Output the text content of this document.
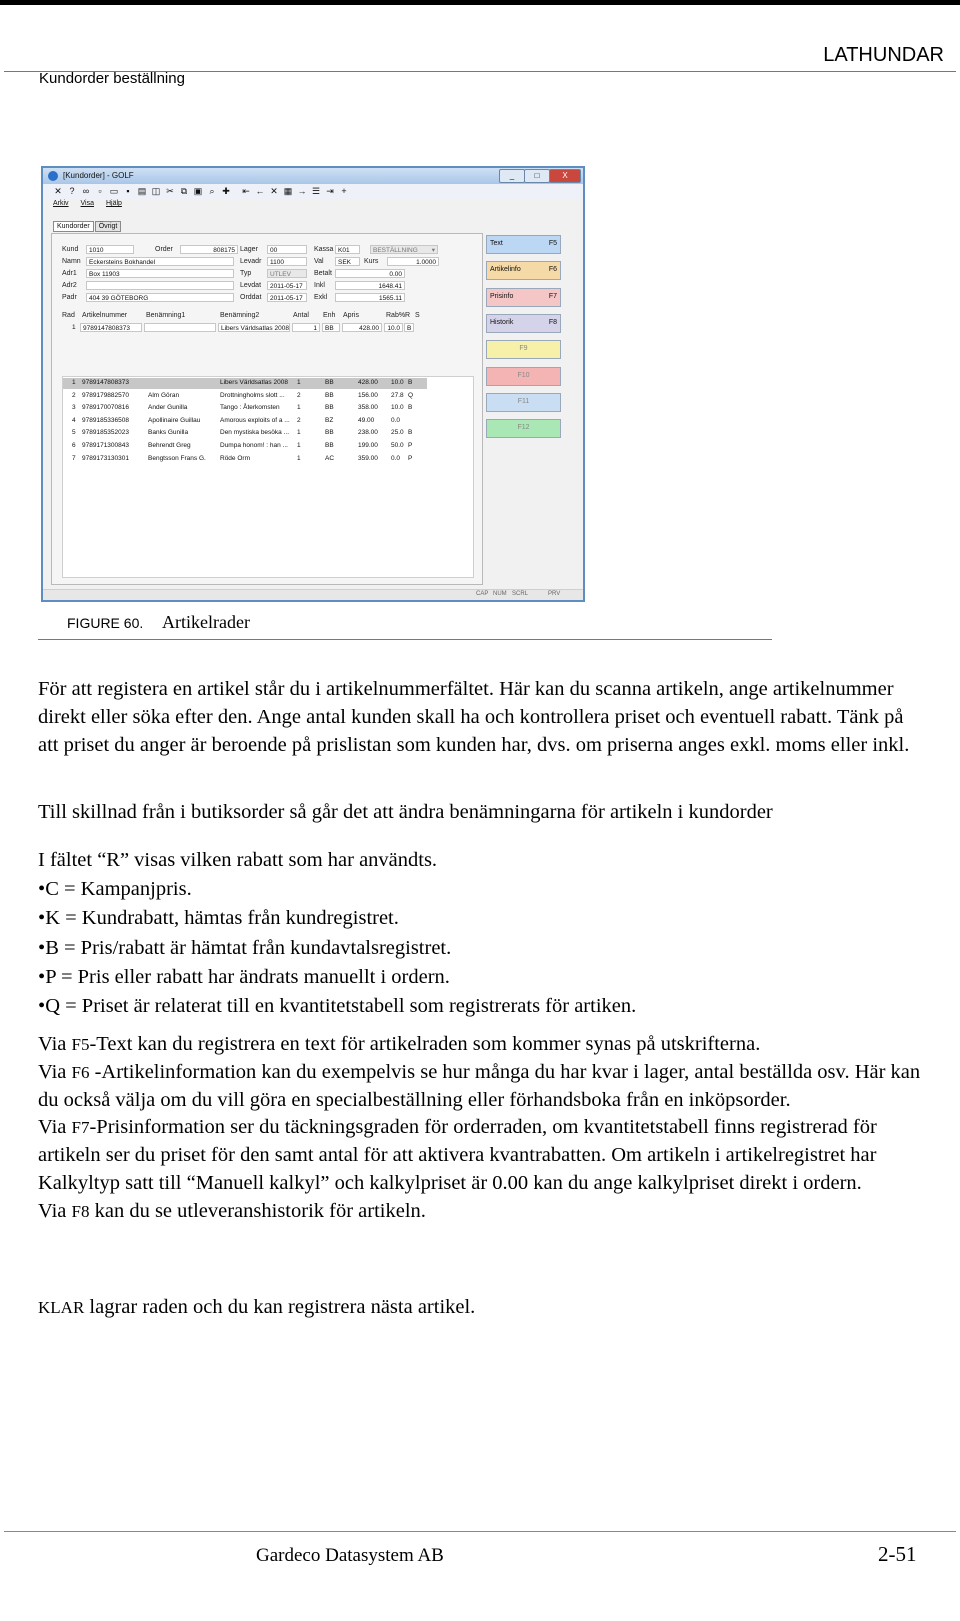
LATHUNDAR
Kundorder beställning
[Kundorder] - GOLF	_	□	X
✕ ? ∞	▫ ▭ ▪ ▤ ◫ ✂ ⧉ ▣ ⌕ ✚ ⇤ ← ✕ ▦ → ☰ ⇥ +
Arkiv Visa Hjälp
Kundorder Övrigt
Kund	1010	Order	808175 Lager	00	Kassa K01	BESTÄLLNING ▾
Namn	Eckersteins Bokhandel	Levadr	1100	Val	SEK	Kurs	1.0000
Adr1	Box 11903	Typ	UTLEV	Betalt	0.00
Adr2	Levdat	2011-05-17	Inkl	1648.41
Padr	404 39 GÖTEBORG	Orddat	2011-05-17	Exkl	1565.11
Rad Artikelnummer	Benämning1	Benämning2	Antal Enh Apris	Rab% R S
1	9789147808373	Libers Världsatlas 2008	1	BB	428.00	10.0	B
1 9789147808373	Libers Världsatlas 2008 1	BB	428.00 10.0 B
2 9789179882570	Alm Göran	Drottningholms slott ... 2	BB	156.00 27.8 Q
3 9789170070816	Ander Gunilla	Tango : Återkomsten	1	BB	358.00 10.0 B
4 9789185336508	Apollinaire Guillau	Amorous exploits of a ... 2	BZ	49.00	0.0
5 9789185352023	Banks Gunilla	Den mystiska besöka ... 1	BB	238.00 25.0 B
6 9789171300843	Behrendt Greg	Dumpa honom! : han ... 1	BB	199.00 50.0 P
7 9789173130301	Bengtsson Frans G. Röde Orm	1	AC	359.00 0.0 P
Text	F5
Artikelinfo	F6
Prisinfo	F7
Historik	F8
F9
F10
F11
F12
CAP NUM SCRL	PRV
FIGURE 60. Artikelrader

För att registera en artikel står du i artikelnummerfältet. Här kan du scanna artikeln, ange artikelnummer direkt eller söka efter den. Ange antal kunden skall ha och kontrollera priset och eventuell rabatt. Tänk på att priset du anger är beroende på prislistan som kunden har, dvs. om priserna anges exkl. moms eller inkl.

Till skillnad från i butiksorder så går det att ändra benämningarna för artikeln i kundorder

I fältet “R” visas vilken rabatt som har användts.

•C = Kampanjpris.

•K = Kundrabatt, hämtas från kundregistret.

•B = Pris/rabatt är hämtat från kundavtalsregistret.

•P = Pris eller rabatt har ändrats manuellt i ordern.

•Q = Priset är relaterat till en kvantitetstabell som registrerats för artiken.

Via F5-Text kan du registrera en text för artikelraden som kommer synas på utskrifterna.

Via F6 -Artikelinformation kan du exempelvis se hur många du har kvar i lager, antal beställda osv. Här kan du också välja om du vill göra en specialbeställning eller förhandsboka från en inköpsorder.

Via F7-Prisinformation ser du täckningsgraden för orderraden, om kvantitetstabell finns registrerad för artikeln ser du priset för den samt antal för att aktivera kvantrabatten. Om artikeln i artikelregistret har Kalkyltyp satt till “Manuell kalkyl” och kalkylpriset är 0.00 kan du ange kalkylpriset direkt i ordern.

Via F8 kan du se utleveranshistorik för artikeln.

KLAR lagrar raden och du kan registrera nästa artikel.

Gardeco Datasystem AB	2-51
